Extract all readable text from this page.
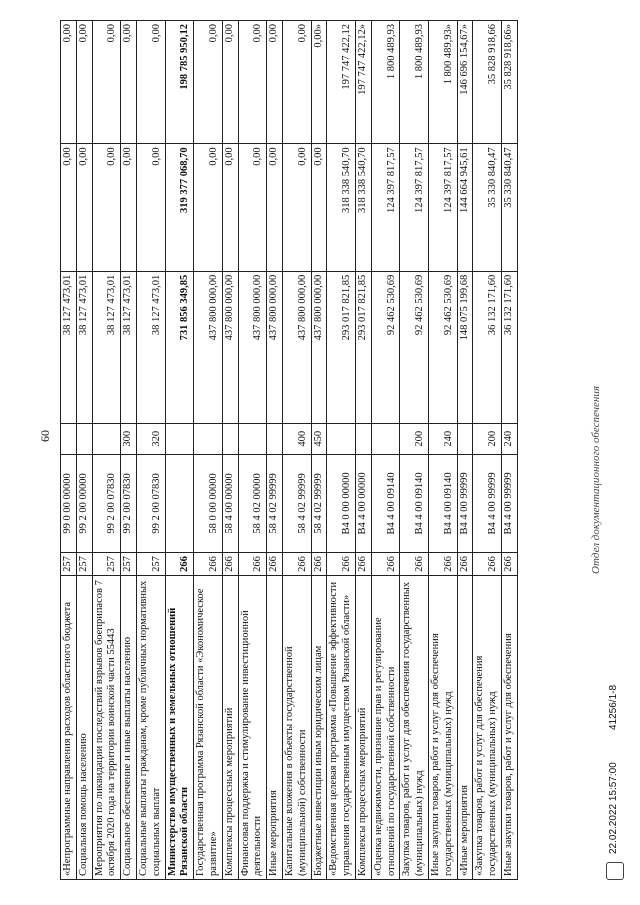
60
«Непрограммные направления расходов областного бюджета	257	99 0 00 00000		38 127 473,01	0,00	0,00
Социальная помощь населению	257	99 2 00 00000		38 127 473,01	0,00	0,00
Мероприятия по ликвидации последствий взрывов боеприпасов 7 октября 2020 года на территории воинской части 55443	257	99 2 00 07830		38 127 473,01	0,00	0,00
Социальное обеспечение и иные выплаты населению	257	99 2 00 07830	300	38 127 473,01	0,00	0,00
Социальные выплаты гражданам, кроме публичных нормативных социальных выплат	257	99 2 00 07830	320	38 127 473,01	0,00	0,00
Министерство имущественных и земельных отношений Рязанской области	266			731 856 349,85	319 377 068,70	198 785 950,12
Государственная программа Рязанской области «Экономическое развитие»	266	58 0 00 00000		437 800 000,00	0,00	0,00
Комплексы процессных мероприятий	266	58 4 00 00000		437 800 000,00	0,00	0,00
Финансовая поддержка и стимулирование инвестиционной деятельности	266	58 4 02 00000		437 800 000,00	0,00	0,00
Иные мероприятия	266	58 4 02 99999		437 800 000,00	0,00	0,00
Капитальные вложения в объекты государственной (муниципальной) собственности	266	58 4 02 99999	400	437 800 000,00	0,00	0,00
Бюджетные инвестиции иным юридическим лицам	266	58 4 02 99999	450	437 800 000,00	0,00	0,00»
«Ведомственная целевая программа «Повышение эффективности управления государственным имуществом Рязанской области»	266	В4 0 00 00000		293 017 821,85	318 338 540,70	197 747 422,12
Комплексы процессных мероприятий	266	В4 4 00 00000		293 017 821,85	318 338 540,70	197 747 422,12»
«Оценка недвижимости, признание прав и регулирование отношений по государственной собственности	266	В4 4 00 09140		92 462 530,69	124 397 817,57	1 800 489,93
Закупка товаров, работ и услуг для обеспечения государственных (муниципальных) нужд	266	В4 4 00 09140	200	92 462 530,69	124 397 817,57	1 800 489,93
Иные закупки товаров, работ и услуг для обеспечения государственных (муниципальных) нужд	266	В4 4 00 09140	240	92 462 530,69	124 397 817,57	1 800 489,93»
«Иные мероприятия	266	В4 4 00 99999		148 075 199,68	144 664 945,61	146 696 154,67»
«Закупка товаров, работ и услуг для обеспечения государственных (муниципальных) нужд	266	В4 4 00 99999	200	36 132 171,60	35 330 840,47	35 828 918,66
Иные закупки товаров, работ и услуг для обеспечения	266	В4 4 00 99999	240	36 132 171,60	35 330 840,47	35 828 918,66»
22.02.2022 15:57:00
41256/1-8
Отдел документационного обеспечения
